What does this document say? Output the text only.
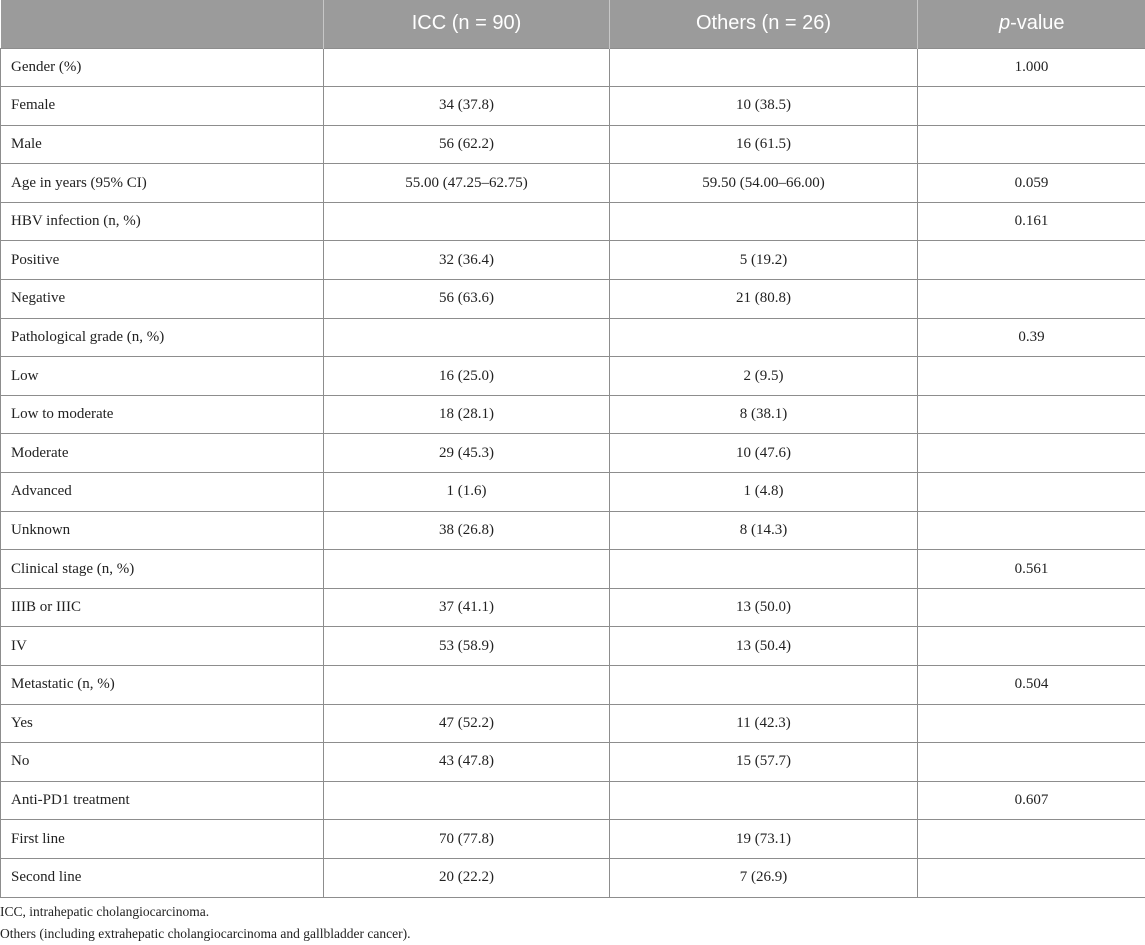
	ICC (n = 90)	Others (n = 26)	p-value
Gender (%)			1.000
Female	34 (37.8)	10 (38.5)	
Male	56 (62.2)	16 (61.5)	
Age in years (95% CI)	55.00 (47.25–62.75)	59.50 (54.00–66.00)	0.059
HBV infection (n, %)			0.161
Positive	32 (36.4)	5 (19.2)	
Negative	56 (63.6)	21 (80.8)	
Pathological grade (n, %)			0.39
Low	16 (25.0)	2 (9.5)	
Low to moderate	18 (28.1)	8 (38.1)	
Moderate	29 (45.3)	10 (47.6)	
Advanced	1 (1.6)	1 (4.8)	
Unknown	38 (26.8)	8 (14.3)	
Clinical stage (n, %)			0.561
IIIB or IIIC	37 (41.1)	13 (50.0)	
IV	53 (58.9)	13 (50.4)	
Metastatic (n, %)			0.504
Yes	47 (52.2)	11 (42.3)	
No	43 (47.8)	15 (57.7)	
Anti-PD1 treatment			0.607
First line	70 (77.8)	19 (73.1)	
Second line	20 (22.2)	7 (26.9)	
ICC, intrahepatic cholangiocarcinoma.
Others (including extrahepatic cholangiocarcinoma and gallbladder cancer).
